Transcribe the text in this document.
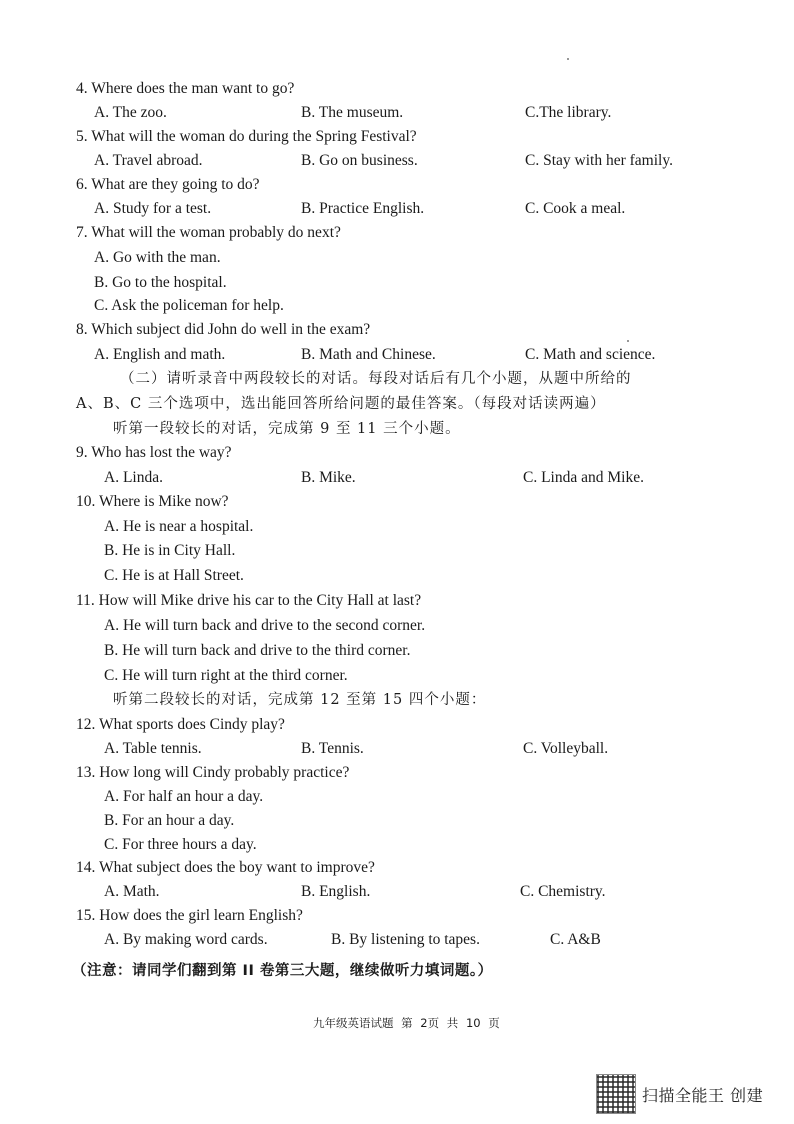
4. Where does the man want to go?
A. The zoo.	B. The museum.	C.The library.
5. What will the woman do during the Spring Festival?
A. Travel abroad.	B. Go on business.	C. Stay with her family.
6. What are they going to do?
A. Study for a test.	B. Practice English.	C. Cook a meal.
7. What will the woman probably do next?
A. Go with the man.
B. Go to the hospital.
C. Ask the policeman for help.
8. Which subject did John do well in the exam?
A. English and math.	B. Math and Chinese.	C. Math and science.
（二）请听录音中两段较长的对话。每段对话后有几个小题，从题中所给的
A、B、C 三个选项中，选出能回答所给问题的最佳答案。（每段对话读两遍）
听第一段较长的对话，完成第 9 至 11 三个小题。
9. Who has lost the way?
A. Linda.	B. Mike.	C. Linda and Mike.
10. Where is Mike now?
A. He is near a hospital.
B. He is in City Hall.
C. He is at Hall Street.
11. How will Mike drive his car to the City Hall at last?
A. He will turn back and drive to the second corner.
B. He will turn back and drive to the third corner.
C. He will turn right at the third corner.
听第二段较长的对话，完成第 12 至第 15 四个小题：
12. What sports does Cindy play?
A. Table tennis.	B. Tennis.	C. Volleyball.
13. How long will Cindy probably practice?
A. For half an hour a day.
B. For an hour a day.
C. For three hours a day.
14. What subject does the boy want to improve?
A. Math.	B. English.	C. Chemistry.
15. How does the girl learn English?
A. By making word cards.	B. By listening to tapes.	C. A&B
（注意：请同学们翻到第 II 卷第三大题，继续做听力填词题。）
九年级英语试题 第 2页 共 10 页
扫描全能王 创建
